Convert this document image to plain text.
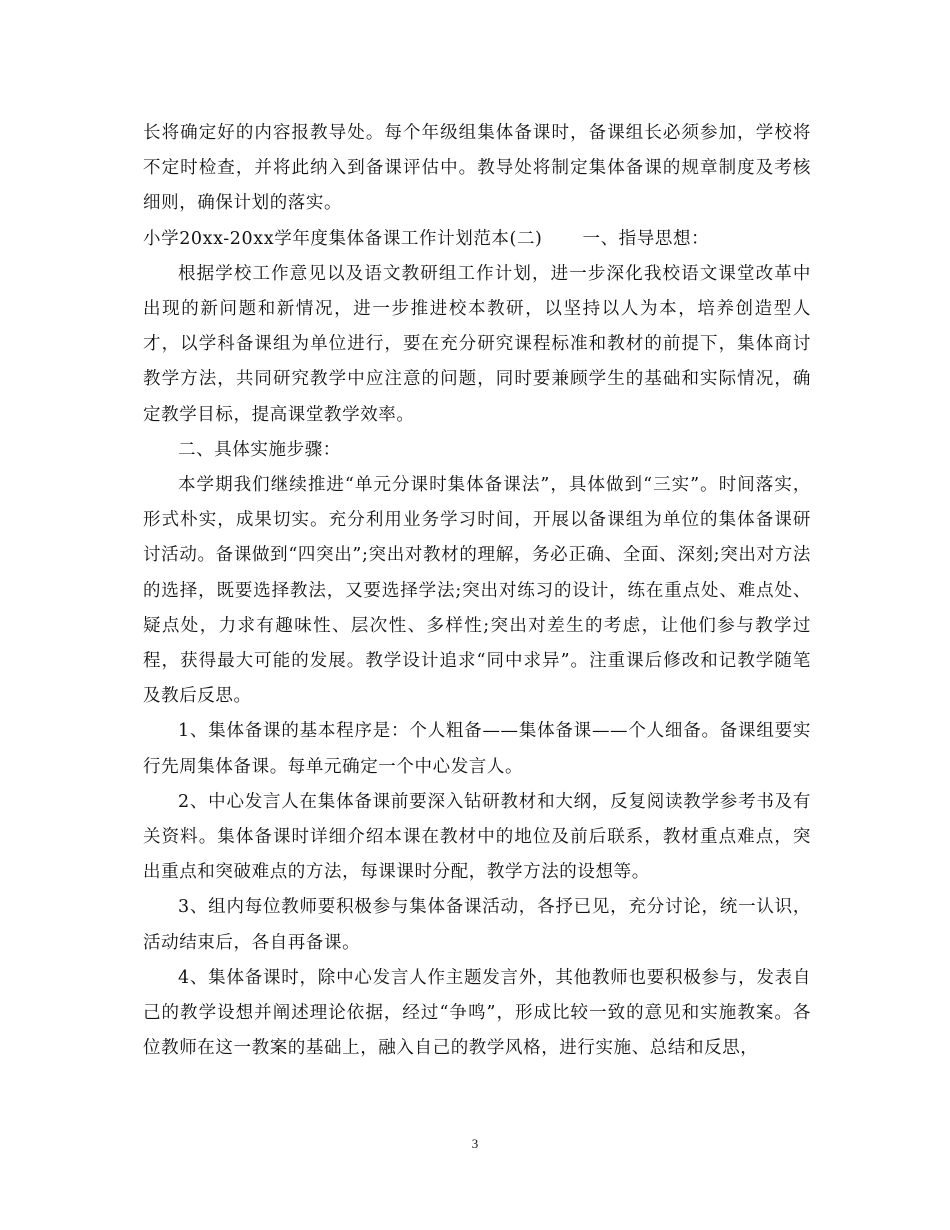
长将确定好的内容报教导处。每个年级组集体备课时，备课组长必须参加，学校将不定时检查，并将此纳入到备课评估中。教导处将制定集体备课的规章制度及考核细则，确保计划的落实。

小学20xx-20xx学年度集体备课工作计划范本(二) 一、指导思想：

根据学校工作意见以及语文教研组工作计划，进一步深化我校语文课堂改革中出现的新问题和新情况，进一步推进校本教研，以坚持以人为本，培养创造型人才，以学科备课组为单位进行，要在充分研究课程标准和教材的前提下，集体商讨教学方法，共同研究教学中应注意的问题，同时要兼顾学生的基础和实际情况，确定教学目标，提高课堂教学效率。

二、具体实施步骤：

本学期我们继续推进“单元分课时集体备课法”，具体做到“三实”。时间落实，形式朴实，成果切实。充分利用业务学习时间，开展以备课组为单位的集体备课研讨活动。备课做到“四突出”;突出对教材的理解，务必正确、全面、深刻;突出对方法的选择，既要选择教法，又要选择学法;突出对练习的设计，练在重点处、难点处、疑点处，力求有趣味性、层次性、多样性;突出对差生的考虑，让他们参与教学过程，获得最大可能的发展。教学设计追求“同中求异”。注重课后修改和记教学随笔及教后反思。

1、集体备课的基本程序是：个人粗备——集体备课——个人细备。备课组要实行先周集体备课。每单元确定一个中心发言人。

2、中心发言人在集体备课前要深入钻研教材和大纲，反复阅读教学参考书及有关资料。集体备课时详细介绍本课在教材中的地位及前后联系，教材重点难点，突出重点和突破难点的方法，每课课时分配，教学方法的设想等。

3、组内每位教师要积极参与集体备课活动，各抒已见，充分讨论，统一认识，活动结束后，各自再备课。

4、集体备课时，除中心发言人作主题发言外，其他教师也要积极参与，发表自己的教学设想并阐述理论依据，经过“争鸣”，形成比较一致的意见和实施教案。各位教师在这一教案的基础上，融入自己的教学风格，进行实施、总结和反思，

3
